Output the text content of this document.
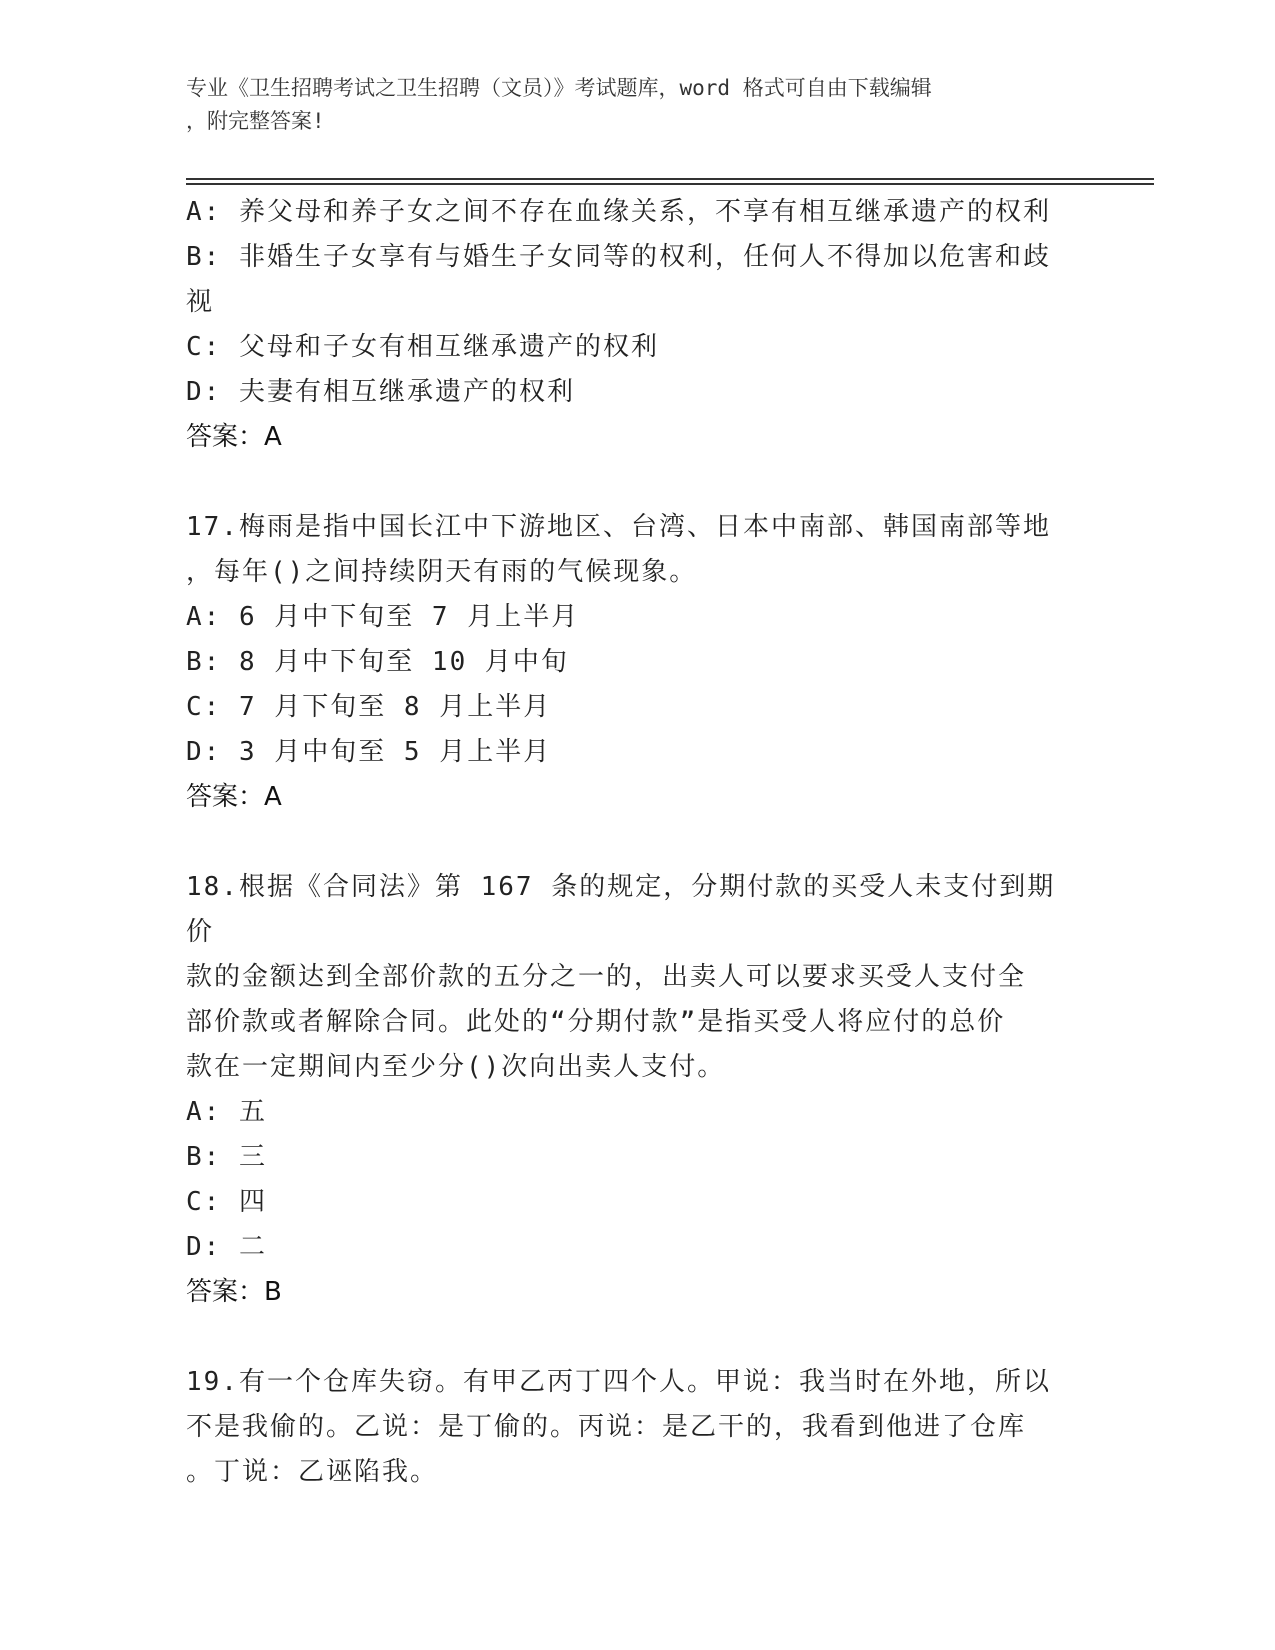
专业《卫生招聘考试之卫生招聘（文员）》考试题库，word 格式可自由下载编辑
，附完整答案!
A: 养父母和养子女之间不存在血缘关系，不享有相互继承遗产的权利
B: 非婚生子女享有与婚生子女同等的权利，任何人不得加以危害和歧
视
C: 父母和子女有相互继承遗产的权利
D: 夫妻有相互继承遗产的权利
答案：A
17.梅雨是指中国长江中下游地区、台湾、日本中南部、韩国南部等地
，每年()之间持续阴天有雨的气候现象。
A: 6 月中下旬至 7 月上半月
B: 8 月中下旬至 10 月中旬
C: 7 月下旬至 8 月上半月
D: 3 月中旬至 5 月上半月
答案：A
18.根据《合同法》第 167 条的规定，分期付款的买受人未支付到期价
款的金额达到全部价款的五分之一的，出卖人可以要求买受人支付全
部价款或者解除合同。此处的“分期付款”是指买受人将应付的总价
款在一定期间内至少分()次向出卖人支付。
A: 五
B: 三
C: 四
D: 二
答案：B
19.有一个仓库失窃。有甲乙丙丁四个人。甲说：我当时在外地，所以
不是我偷的。乙说：是丁偷的。丙说：是乙干的，我看到他进了仓库
。丁说：乙诬陷我。
